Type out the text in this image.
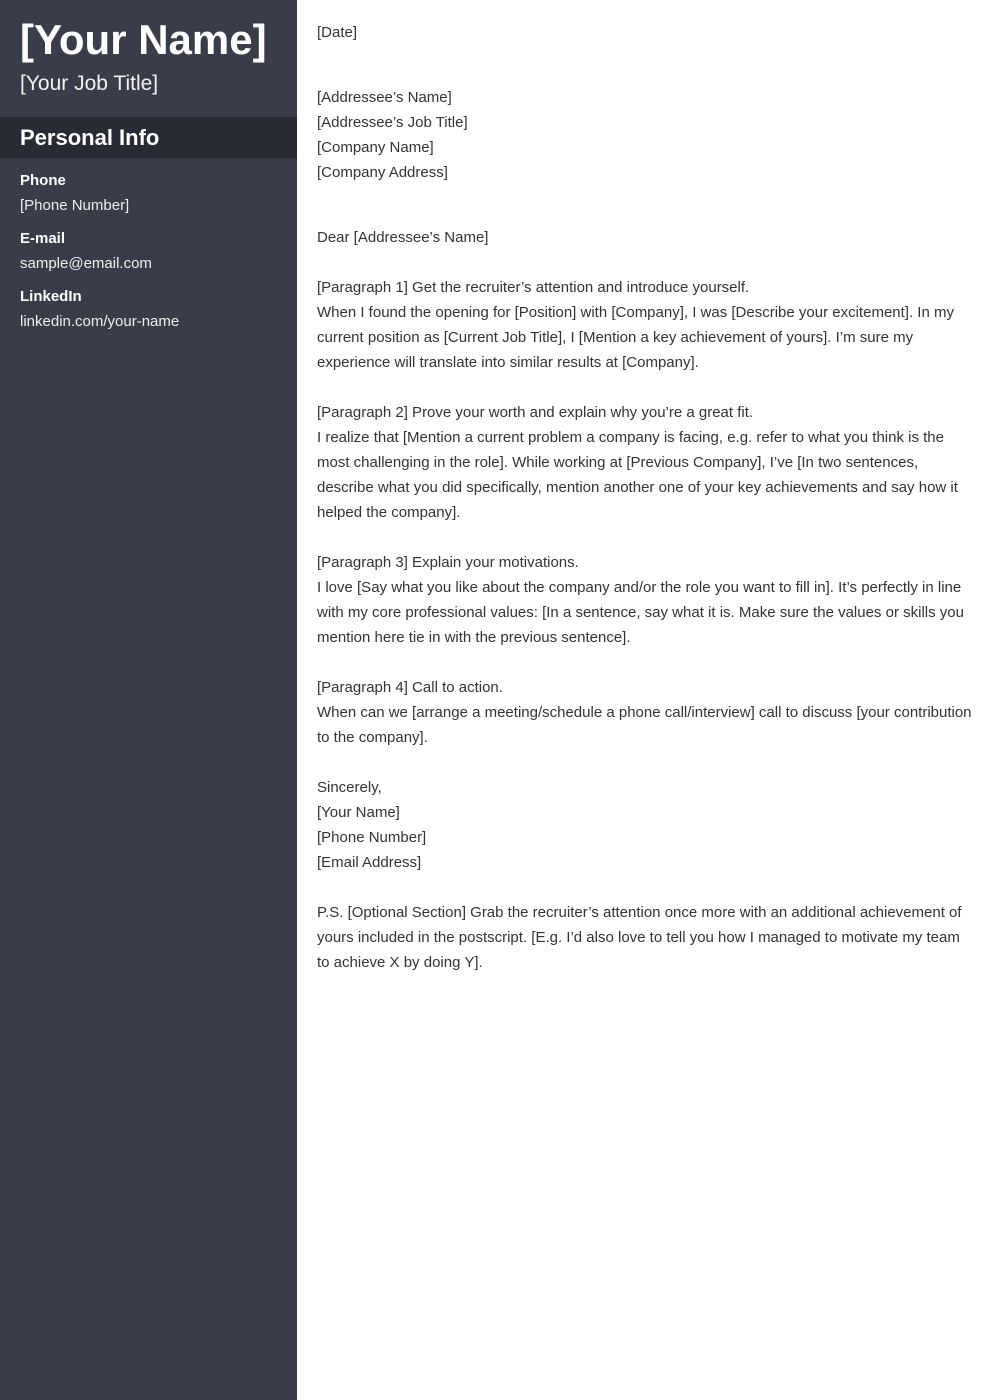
[Your Name]
[Your Job Title]
Personal Info
Phone
[Phone Number]
E-mail
sample@email.com
LinkedIn
linkedin.com/your-name
[Date]
[Addressee’s Name]
[Addressee’s Job Title]
[Company Name]
[Company Address]
Dear [Addressee’s Name]
[Paragraph 1] Get the recruiter’s attention and introduce yourself.
When I found the opening for [Position] with [Company], I was [Describe your excitement]. In my current position as [Current Job Title], I [Mention a key achievement of yours]. I’m sure my experience will translate into similar results at [Company].
[Paragraph 2] Prove your worth and explain why you’re a great fit.
I realize that [Mention a current problem a company is facing, e.g. refer to what you think is the most challenging in the role]. While working at [Previous Company], I’ve [In two sentences, describe what you did specifically, mention another one of your key achievements and say how it helped the company].
[Paragraph 3] Explain your motivations.
I love [Say what you like about the company and/or the role you want to fill in]. It’s perfectly in line with my core professional values: [In a sentence, say what it is. Make sure the values or skills you mention here tie in with the previous sentence].
[Paragraph 4] Call to action.
When can we [arrange a meeting/schedule a phone call/interview] call to discuss [your contribution to the company].
Sincerely,
[Your Name]
[Phone Number]
[Email Address]
P.S. [Optional Section] Grab the recruiter’s attention once more with an additional achievement of yours included in the postscript. [E.g. I’d also love to tell you how I managed to motivate my team to achieve X by doing Y].
